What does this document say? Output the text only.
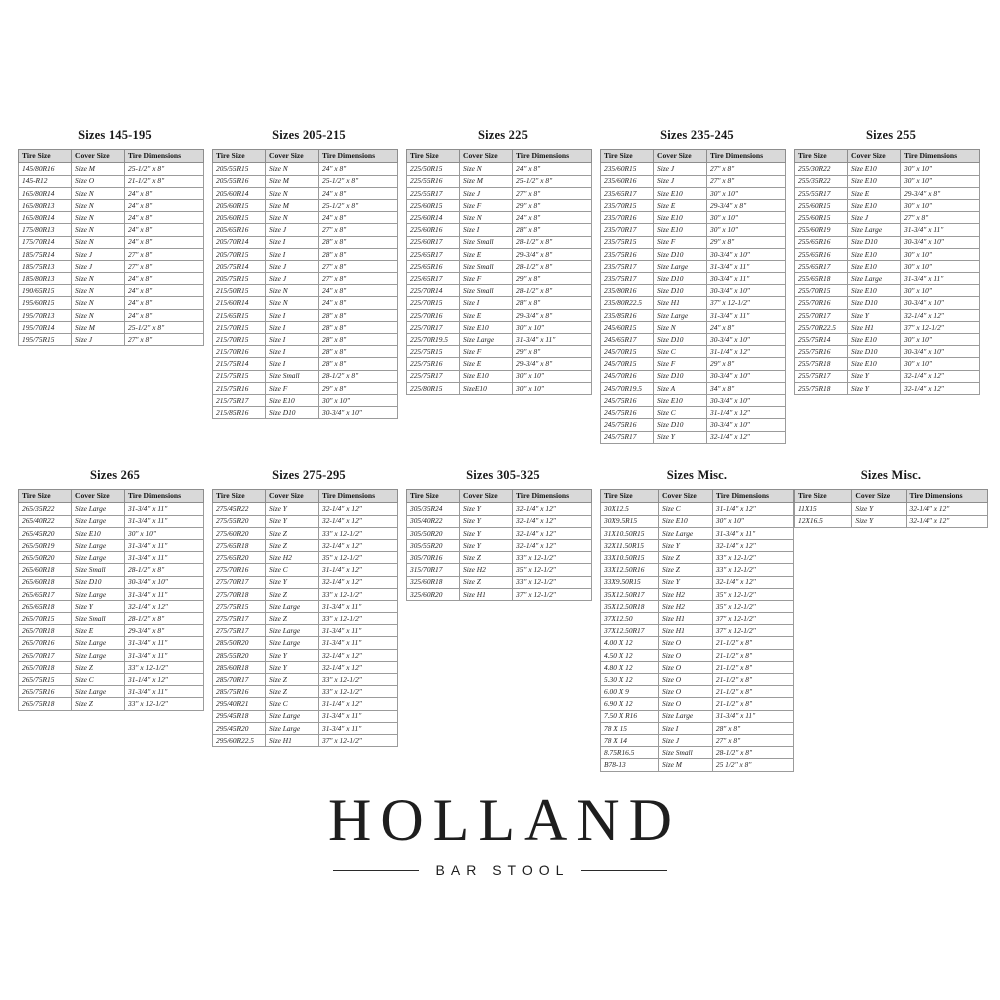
Sizes 145-195
Tire Size	Cover Size	Tire Dimensions
145/80R16	Size M	25-1/2" x 8"
145-R12	Size O	21-1/2" x 8"
165/80R14	Size N	24" x 8"
165/80R13	Size N	24" x 8"
165/80R14	Size N	24" x 8"
175/80R13	Size N	24" x 8"
175/70R14	Size N	24" x 8"
185/75R14	Size J	27" x 8"
185/75R13	Size J	27" x 8"
185/80R13	Size N	24" x 8"
190/65R15	Size N	24" x 8"
195/60R15	Size N	24" x 8"
195/70R13	Size N	24" x 8"
195/70R14	Size M	25-1/2" x 8"
195/75R15	Size J	27" x 8"
Sizes 205-215
Tire Size	Cover Size	Tire Dimensions
205/55R15	Size N	24" x 8"
205/55R16	Size M	25-1/2" x 8"
205/60R14	Size N	24" x 8"
205/60R15	Size M	25-1/2" x 8"
205/60R15	Size N	24" x 8"
205/65R16	Size J	27" x 8"
205/70R14	Size I	28" x 8"
205/70R15	Size I	28" x 8"
205/75R14	Size J	27" x 8"
205/75R15	Size J	27" x 8"
215/50R15	Size N	24" x 8"
215/60R14	Size N	24" x 8"
215/65R15	Size I	28" x 8"
215/70R15	Size I	28" x 8"
215/70R15	Size I	28" x 8"
215/70R16	Size I	28" x 8"
215/75R14	Size I	28" x 8"
215/75R15	Size Small	28-1/2" x 8"
215/75R16	Size F	29" x 8"
215/75R17	Size E10	30" x 10"
215/85R16	Size D10	30-3/4" x 10"
Sizes 225
Tire Size	Cover Size	Tire Dimensions
225/50R15	Size N	24" x 8"
225/55R16	Size M	25-1/2" x 8"
225/55R17	Size J	27" x 8"
225/60R15	Size F	29" x 8"
225/60R14	Size N	24" x 8"
225/60R16	Size I	28" x 8"
225/60R17	Size Small	28-1/2" x 8"
225/65R17	Size E	29-3/4" x 8"
225/65R16	Size Small	28-1/2" x 8"
225/65R17	Size F	29" x 8"
225/70R14	Size Small	28-1/2" x 8"
225/70R15	Size I	28" x 8"
225/70R16	Size E	29-3/4" x 8"
225/70R17	Size E10	30" x 10"
225/70R19.5	Size Large	31-3/4" x 11"
225/75R15	Size F	29" x 8"
225/75R16	Size E	29-3/4" x 8"
225/75R17	Size E10	30" x 10"
225/80R15	SizeE10	30" x 10"
Sizes 235-245
Tire Size	Cover Size	Tire Dimensions
235/60R15	Size J	27" x 8"
235/60R16	Size J	27" x 8"
235/65R17	Size E10	30" x 10"
235/70R15	Size E	29-3/4" x 8"
235/70R16	Size E10	30" x 10"
235/70R17	Size E10	30" x 10"
235/75R15	Size F	29" x 8"
235/75R16	Size D10	30-3/4" x 10"
235/75R17	Size Large	31-3/4" x 11"
235/75R17	Size D10	30-3/4" x 11"
235/80R16	Size D10	30-3/4" x 10"
235/80R22.5	Size H1	37" x 12-1/2"
235/85R16	Size Large	31-3/4" x 11"
245/60R15	Size N	24" x 8"
245/65R17	Size D10	30-3/4" x 10"
245/70R15	Size C	31-1/4" x 12"
245/70R15	Size F	29" x 8"
245/70R16	Size D10	30-3/4" x 10"
245/70R19.5	Size A	34" x 8"
245/75R16	Size E10	30-3/4" x 10"
245/75R16	Size C	31-1/4" x 12"
245/75R16	Size D10	30-3/4" x 10"
245/75R17	Size Y	32-1/4" x 12"
Sizes 255
Tire Size	Cover Size	Tire Dimensions
255/30R22	Size E10	30" x 10"
255/35R22	Size E10	30" x 10"
255/55R17	Size E	29-3/4" x 8"
255/60R15	Size E10	30" x 10"
255/60R15	Size J	27" x 8"
255/60R19	Size Large	31-3/4" x 11"
255/65R16	Size D10	30-3/4" x 10"
255/65R16	Size E10	30" x 10"
255/65R17	Size E10	30" x 10"
255/65R18	Size Large	31-3/4" x 11"
255/70R15	Size E10	30" x 10"
255/70R16	Size D10	30-3/4" x 10"
255/70R17	Size Y	32-1/4" x 12"
255/70R22.5	Size H1	37" x 12-1/2"
255/75R14	Size E10	30" x 10"
255/75R16	Size D10	30-3/4" x 10"
255/75R18	Size E10	30" x 10"
255/75R17	Size Y	32-1/4" x 12"
255/75R18	Size Y	32-1/4" x 12"
Sizes 265
Tire Size	Cover Size	Tire Dimensions
265/35R22	Size Large	31-3/4" x 11"
265/40R22	Size Large	31-3/4" x 11"
265/45R20	Size E10	30" x 10"
265/50R19	Size Large	31-3/4" x 11"
265/50R20	Size Large	31-3/4" x 11"
265/60R18	Size Small	28-1/2" x 8"
265/60R18	Size D10	30-3/4" x 10"
265/65R17	Size Large	31-3/4" x 11"
265/65R18	Size Y	32-1/4" x 12"
265/70R15	Size Small	28-1/2" x 8"
265/70R18	Size E	29-3/4" x 8"
265/70R16	Size Large	31-3/4" x 11"
265/70R17	Size Large	31-3/4" x 11"
265/70R18	Size Z	33" x 12-1/2"
265/75R15	Size C	31-1/4" x 12"
265/75R16	Size Large	31-3/4" x 11"
265/75R18	Size Z	33" x 12-1/2"
Sizes 275-295
Tire Size	Cover Size	Tire Dimensions
275/45R22	Size Y	32-1/4" x 12"
275/55R20	Size Y	32-1/4" x 12"
275/60R20	Size Z	33" x 12-1/2"
275/65R18	Size Z	32-1/4" x 12"
275/65R20	Size H2	35" x 12-1/2"
275/70R16	Size C	31-1/4" x 12"
275/70R17	Size Y	32-1/4" x 12"
275/70R18	Size Z	33" x 12-1/2"
275/75R15	Size Large	31-3/4" x 11"
275/75R17	Size Z	33" x 12-1/2"
275/75R17	Size Large	31-3/4" x 11"
285/50R20	Size Large	31-3/4" x 11"
285/55R20	Size Y	32-1/4" x 12"
285/60R18	Size Y	32-1/4" x 12"
285/70R17	Size Z	33" x 12-1/2"
285/75R16	Size Z	33" x 12-1/2"
295/40R21	Size C	31-1/4" x 12"
295/45R18	Size Large	31-3/4" x 11"
295/45R20	Size Large	31-3/4" x 11"
295/60R22.5	Size H1	37" x 12-1/2"
Sizes 305-325
Tire Size	Cover Size	Tire Dimensions
305/35R24	Size Y	32-1/4" x 12"
305/40R22	Size Y	32-1/4" x 12"
305/50R20	Size Y	32-1/4" x 12"
305/55R20	Size Y	32-1/4" x 12"
305/70R16	Size Z	33" x 12-1/2"
315/70R17	Size H2	35" x 12-1/2"
325/60R18	Size Z	33" x 12-1/2"
325/60R20	Size H1	37" x 12-1/2"
Sizes Misc.
Tire Size	Cover Size	Tire Dimensions
30X12.5	Size C	31-1/4" x 12"
30X9.5R15	Size E10	30" x 10"
31X10.50R15	Size Large	31-3/4" x 11"
32X11.50R15	Size Y	32-1/4" x 12"
33X10.50R15	Size Z	33" x 12-1/2"
33X12.50R16	Size Z	33" x 12-1/2"
33X9.50R15	Size Y	32-1/4" x 12"
35X12.50R17	Size H2	35" x 12-1/2"
35X12.50R18	Size H2	35" x 12-1/2"
37X12.50	Size H1	37" x 12-1/2"
37X12.50R17	Size H1	37" x 12-1/2"
4.00 X 12	Size O	21-1/2" x 8"
4.50 X 12	Size O	21-1/2" x 8"
4.80 X 12	Size O	21-1/2" x 8"
5.30 X 12	Size O	21-1/2" x 8"
6.00 X 9	Size O	21-1/2" x 8"
6.90 X 12	Size O	21-1/2" x 8"
7.50 X R16	Size Large	31-3/4" x 11"
78 X 15	Size I	28" x 8"
78 X 14	Size J	27" x 8"
8.75R16.5	Size Small	28-1/2" x 8"
B78-13	Size M	25 1/2" x 8"
Sizes Misc.
Tire Size	Cover Size	Tire Dimensions
11X15	Size Y	32-1/4" x 12"
12X16.5	Size Y	32-1/4" x 12"
HOLLAND
BAR STOOL
